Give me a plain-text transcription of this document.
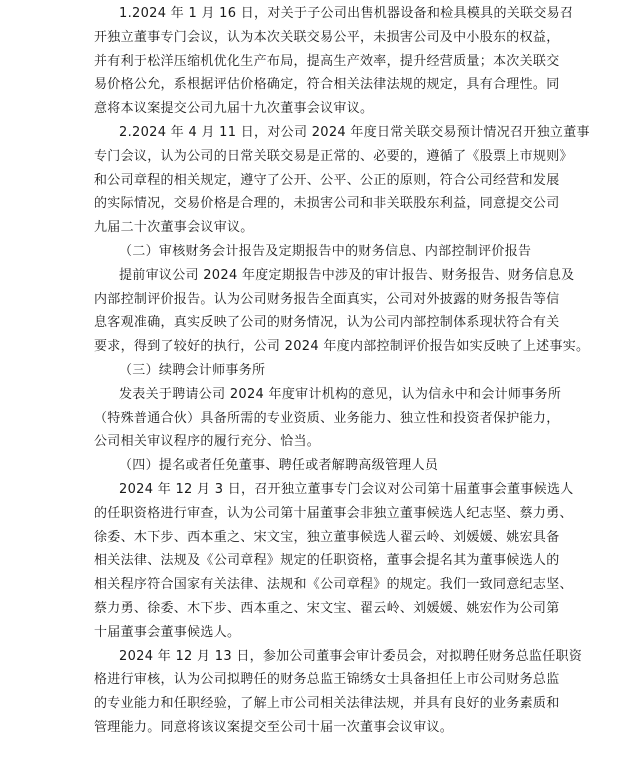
1.2024 年 1 月 16 日，对关于子公司出售机器设备和检具模具的关联交易召
开独立董事专门会议，认为本次关联交易公平，未损害公司及中小股东的权益，
并有利于松洋压缩机优化生产布局，提高生产效率，提升经营质量；本次关联交
易价格公允，系根据评估价格确定，符合相关法律法规的规定，具有合理性。同
意将本议案提交公司九届十九次董事会议审议。
2.2024 年 4 月 11 日，对公司 2024 年度日常关联交易预计情况召开独立董事
专门会议，认为公司的日常关联交易是正常的、必要的，遵循了《股票上市规则》
和公司章程的相关规定，遵守了公开、公平、公正的原则，符合公司经营和发展
的实际情况，交易价格是合理的，未损害公司和非关联股东利益，同意提交公司
九届二十次董事会议审议。
（二）审核财务会计报告及定期报告中的财务信息、内部控制评价报告
提前审议公司 2024 年度定期报告中涉及的审计报告、财务报告、财务信息及
内部控制评价报告。认为公司财务报告全面真实，公司对外披露的财务报告等信
息客观准确，真实反映了公司的财务情况，认为公司内部控制体系现状符合有关
要求，得到了较好的执行，公司 2024 年度内部控制评价报告如实反映了上述事实。
（三）续聘会计师事务所
发表关于聘请公司 2024 年度审计机构的意见，认为信永中和会计师事务所
（特殊普通合伙）具备所需的专业资质、业务能力、独立性和投资者保护能力，
公司相关审议程序的履行充分、恰当。
（四）提名或者任免董事、聘任或者解聘高级管理人员
2024 年 12 月 3 日，召开独立董事专门会议对公司第十届董事会董事候选人
的任职资格进行审查，认为公司第十届董事会非独立董事候选人纪志坚、蔡力勇、
徐委、木下步、西本重之、宋文宝，独立董事候选人翟云岭、刘媛媛、姚宏具备
相关法律、法规及《公司章程》规定的任职资格，董事会提名其为董事候选人的
相关程序符合国家有关法律、法规和《公司章程》的规定。我们一致同意纪志坚、
蔡力勇、徐委、木下步、西本重之、宋文宝、翟云岭、刘媛媛、姚宏作为公司第
十届董事会董事候选人。
2024 年 12 月 13 日，参加公司董事会审计委员会，对拟聘任财务总监任职资
格进行审核，认为公司拟聘任的财务总监王锦绣女士具备担任上市公司财务总监
的专业能力和任职经验，了解上市公司相关法律法规，并具有良好的业务素质和
管理能力。同意将该议案提交至公司十届一次董事会议审议。
